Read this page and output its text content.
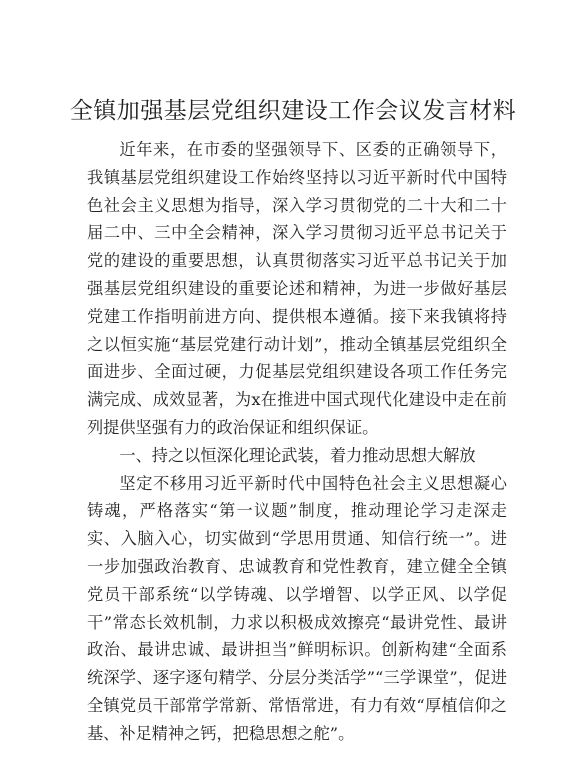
全镇加强基层党组织建设工作会议发言材料

近年来，在市委的坚强领导下、区委的正确领导下，我镇基层党组织建设工作始终坚持以习近平新时代中国特色社会主义思想为指导，深入学习贯彻党的二十大和二十届二中、三中全会精神，深入学习贯彻习近平总书记关于党的建设的重要思想，认真贯彻落实习近平总书记关于加强基层党组织建设的重要论述和精神，为进一步做好基层党建工作指明前进方向、提供根本遵循。接下来我镇将持之以恒实施“基层党建行动计划”，推动全镇基层党组织全面进步、全面过硬，力促基层党组织建设各项工作任务完满完成、成效显著，为x在推进中国式现代化建设中走在前列提供坚强有力的政治保证和组织保证。

一、持之以恒深化理论武装，着力推动思想大解放

坚定不移用习近平新时代中国特色社会主义思想凝心铸魂，严格落实“第一议题”制度，推动理论学习走深走实、入脑入心，切实做到“学思用贯通、知信行统一”。进一步加强政治教育、忠诚教育和党性教育，建立健全全镇党员干部系统“以学铸魂、以学增智、以学正风、以学促干”常态长效机制，力求以积极成效擦亮“最讲党性、最讲政治、最讲忠诚、最讲担当”鲜明标识。创新构建“全面系统深学、逐字逐句精学、分层分类活学”“三学课堂”，促进全镇党员干部常学常新、常悟常进，有力有效“厚植信仰之基、补足精神之钙，把稳思想之舵”。
